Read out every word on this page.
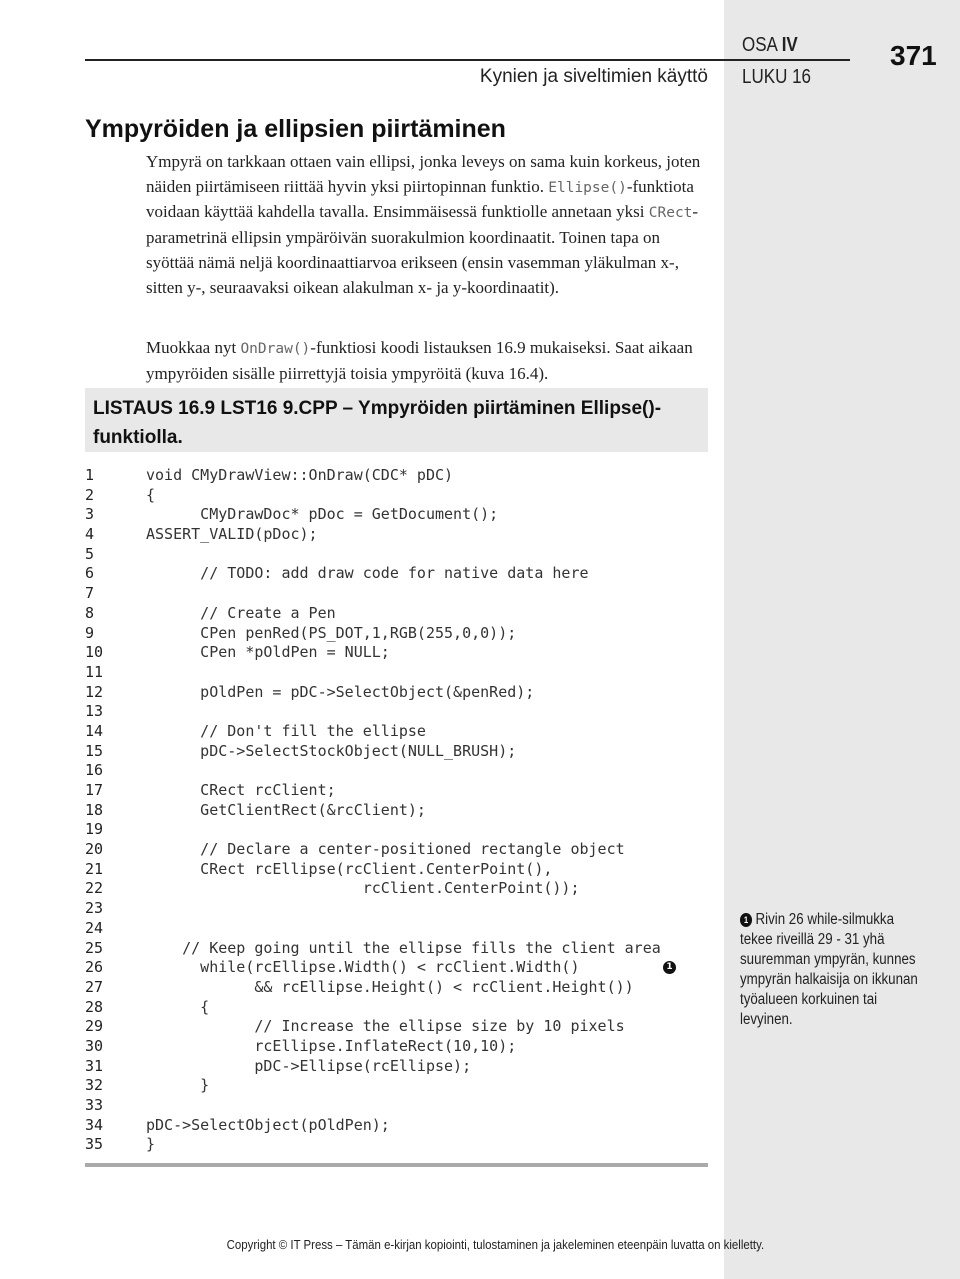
Kynien ja siveltimien käyttö
OSA IV
LUKU 16
371
Ympyröiden ja ellipsien piirtäminen

Ympyrä on tarkkaan ottaen vain ellipsi, jonka leveys on sama kuin korkeus, joten näiden piirtämiseen riittää hyvin yksi piirtopinnan funktio. Ellipse()-funktiota voidaan käyttää kahdella tavalla. Ensimmäisessä funktiolle annetaan yksi CRect-parametrinä ellipsin ympäröivän suorakulmion koordinaatit. Toinen tapa on syöttää nämä neljä koordinaattiarvoa erikseen (ensin vasemman yläkulman x-, sitten y-, seuraavaksi oikean alakulman x- ja y-koordinaatit).

Muokkaa nyt OnDraw()-funktiosi koodi listauksen 16.9 mukaiseksi. Saat aikaan ympyröiden sisälle piirrettyjä toisia ympyröitä (kuva 16.4).

LISTAUS 16.9 LST16 9.CPP – Ympyröiden piirtäminen Ellipse()-funktiolla.

1	void CMyDrawView::OnDraw(CDC* pDC)
2	{
3	CMyDrawDoc* pDoc = GetDocument();
4	ASSERT_VALID(pDoc);
5
6	// TODO: add draw code for native data here
7
8	// Create a Pen
9	CPen penRed(PS_DOT,1,RGB(255,0,0));
10	CPen *pOldPen = NULL;
11
12	pOldPen = pDC->SelectObject(&penRed);
13
14	// Don't fill the ellipse
15	pDC->SelectStockObject(NULL_BRUSH);
16
17	CRect rcClient;
18	GetClientRect(&rcClient);
19
20	// Declare a center-positioned rectangle object
21	CRect rcEllipse(rcClient.CenterPoint(),
22	rcClient.CenterPoint());
23
24
25	// Keep going until the ellipse fills the client area
26	while(rcEllipse.Width() < rcClient.Width()	1
27	&& rcEllipse.Height() < rcClient.Height())
28	{
29	// Increase the ellipse size by 10 pixels
30	rcEllipse.InflateRect(10,10);
31	pDC->Ellipse(rcEllipse);
32	}
33
34	pDC->SelectObject(pOldPen);
35	}
1 Rivin 26 while-silmukka tekee riveillä 29 - 31 yhä suuremman ympyrän, kunnes ympyrän halkaisija on ikkunan työalueen korkuinen tai levyinen.
Copyright © IT Press – Tämän e-kirjan kopiointi, tulostaminen ja jakeleminen eteenpäin luvatta on kielletty.
